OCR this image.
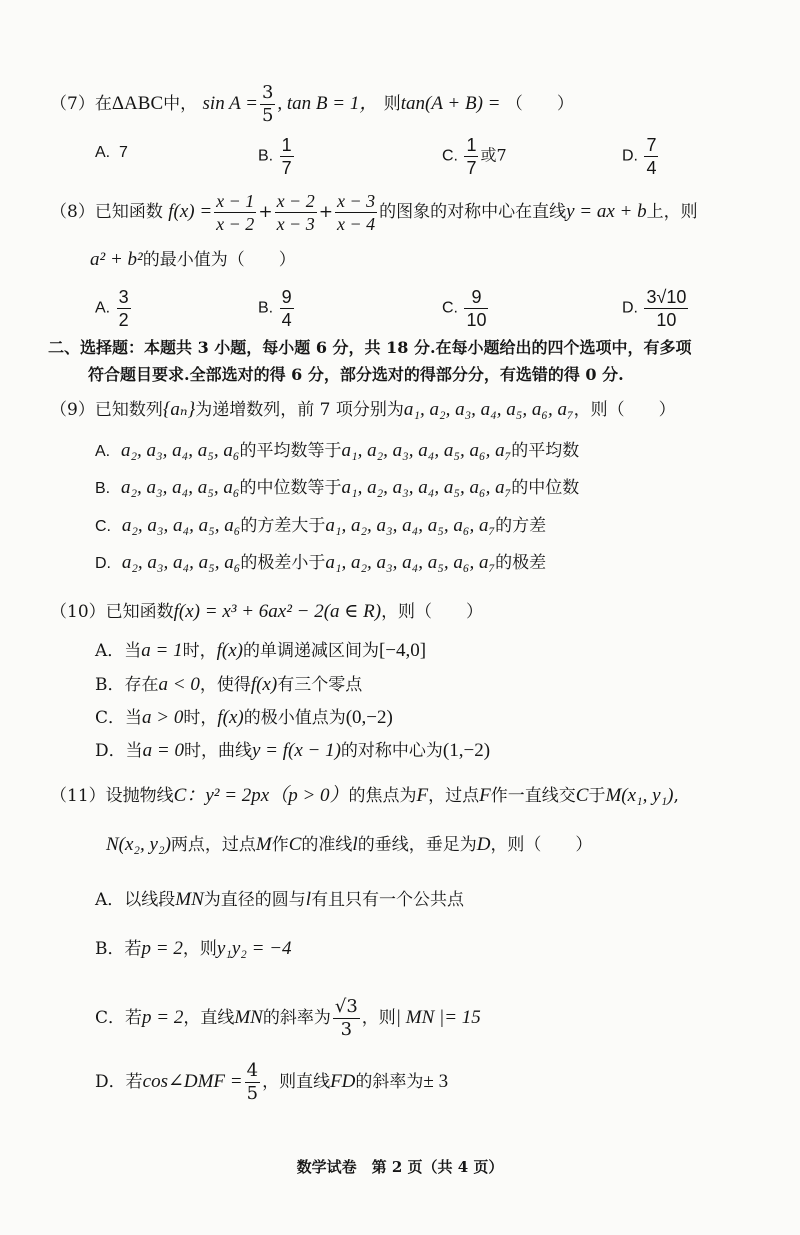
（7）在ΔABC中， $\sin A = \frac{3}{5}$ , tan B = 1， 则tan(A + B) = （　　）
A. 7	B. $\frac{1}{7}$	C. $\frac{1}{7}$ 或7	D. $\frac{7}{4}$
（8）已知函数 $f(x) = \frac{x - 1}{x - 2} + \frac{x - 2}{x - 3} + \frac{x - 3}{x - 4}$ 的图象的对称中心在直线y = ax + b上，则
a² + b²的最小值为（　　）
A. $\frac{3}{2}$	B. $\frac{9}{4}$	C. $\frac{9}{10}$	D. $\frac{3√10}{10}$
二、选择题：本题共 3 小题，每小题 6 分，共 18 分.在每小题给出的四个选项中，有多项
符合题目要求.全部选对的得 6 分，部分选对的得部分分，有选错的得 0 分.
（9）已知数列{aₙ}为递增数列，前 7 项分别为a₁, a₂, a₃, a₄, a₅, a₆, a₇，则（　　）
A. a₂, a₃, a₄, a₅, a₆的平均数等于a₁, a₂, a₃, a₄, a₅, a₆, a₇的平均数
B. a₂, a₃, a₄, a₅, a₆的中位数等于a₁, a₂, a₃, a₄, a₅, a₆, a₇的中位数
C. a₂, a₃, a₄, a₅, a₆的方差大于a₁, a₂, a₃, a₄, a₅, a₆, a₇的方差
D. a₂, a₃, a₄, a₅, a₆的极差小于a₁, a₂, a₃, a₄, a₅, a₆, a₇的极差
（10）已知函数f(x) = x³ + 6ax² − 2(a ∈ R)，则（　　）
A．当a = 1时，f(x)的单调递减区间为[−4,0]
B．存在a < 0，使得f(x)有三个零点
C．当a > 0时，f(x)的极小值点为(0,−2)
D．当a = 0时，曲线y = f(x − 1)的对称中心为(1,−2)
（11）设抛物线C：y² = 2px（p > 0）的焦点为F，过点F作一直线交C于M(x₁, y₁),
N(x₂, y₂)两点，过点M作C的准线l的垂线，垂足为D，则（　　）
A．以线段MN为直径的圆与l有且只有一个公共点
B．若p = 2，则y₁y₂ = −4
C．若p = 2，直线MN的斜率为 $\frac{√3}{3}$ ，则| MN |= 15
D．若cos∠DMF = $\frac{4}{5}$ ，则直线FD的斜率为± 3
数学试卷　第 2 页（共 4 页）
